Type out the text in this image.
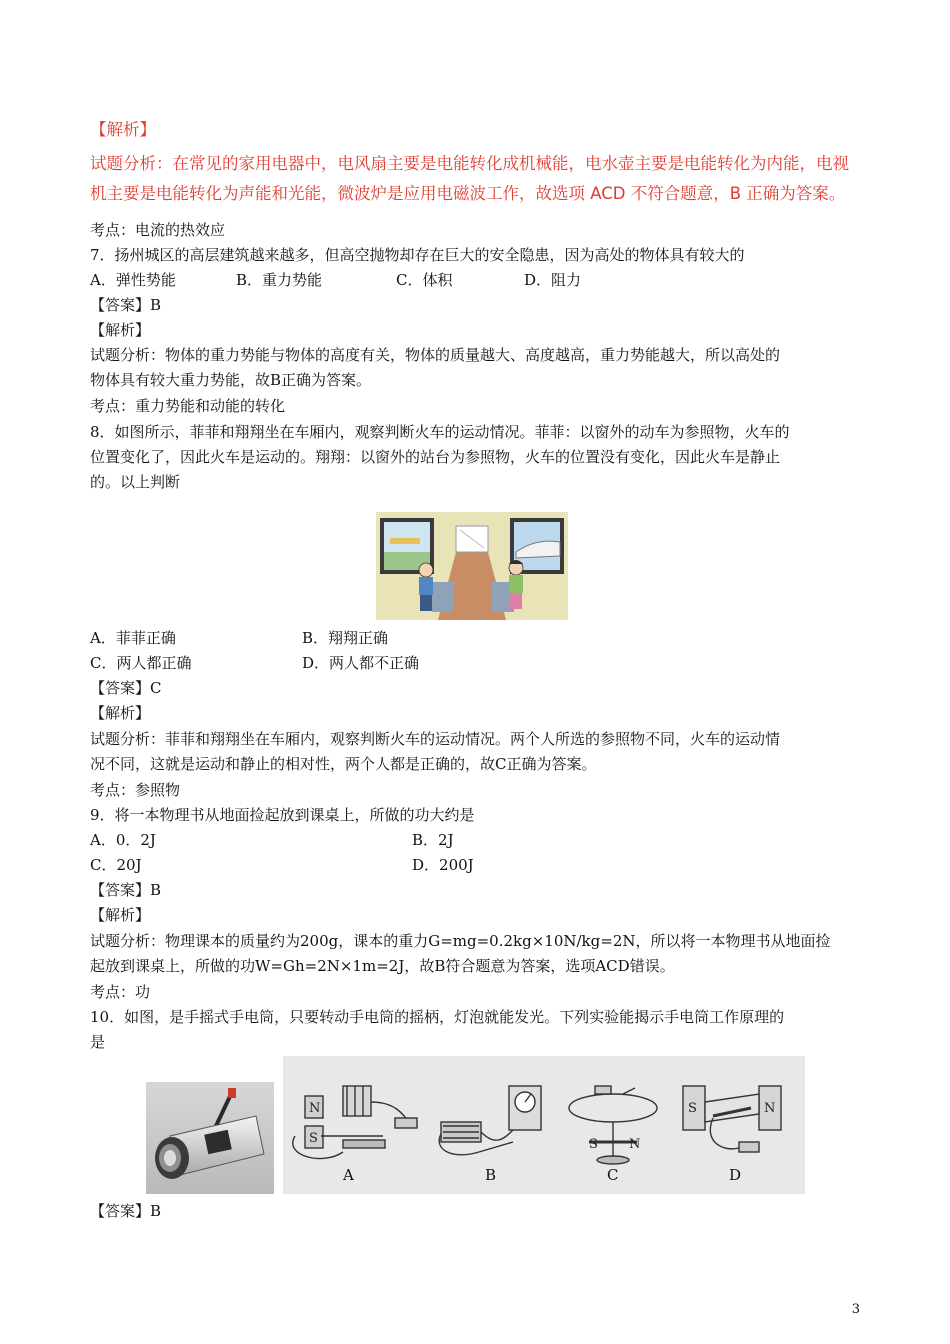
【解析】
试题分析：在常见的家用电器中，电风扇主要是电能转化成机械能，电水壶主要是电能转化为内能，电视
机主要是电能转化为声能和光能，微波炉是应用电磁波工作，故选项 ACD 不符合题意，B 正确为答案。
考点：电流的热效应
7．扬州城区的高层建筑越来越多，但高空抛物却存在巨大的安全隐患，因为高处的物体具有较大的
A．弹性势能	B．重力势能	C．体积	D．阻力
【答案】B
【解析】
试题分析：物体的重力势能与物体的高度有关，物体的质量越大、高度越高，重力势能越大，所以高处的
物体具有较大重力势能，故B正确为答案。
考点：重力势能和动能的转化
8．如图所示，菲菲和翔翔坐在车厢内，观察判断火车的运动情况。菲菲：以窗外的动车为参照物，火车的
位置变化了，因此火车是运动的。翔翔：以窗外的站台为参照物，火车的位置没有变化，因此火车是静止
的。以上判断
A．菲菲正确	B．翔翔正确
C．两人都正确	D．两人都不正确
【答案】C
【解析】
试题分析：菲菲和翔翔坐在车厢内，观察判断火车的运动情况。两个人所选的参照物不同，火车的运动情
况不同，这就是运动和静止的相对性，两个人都是正确的，故C正确为答案。
考点：参照物
9．将一本物理书从地面捡起放到课桌上，所做的功大约是
A．0．2J	B．2J
C．20J	D．200J
【答案】B
【解析】
试题分析：物理课本的质量约为200g，课本的重力G=mg=0.2kg×10N/kg=2N，所以将一本物理书从地面捡
起放到课桌上，所做的功W=Gh=2N×1m=2J，故B符合题意为答案，选项ACD错误。
考点：功
10．如图，是手摇式手电筒，只要转动手电筒的摇柄，灯泡就能发光。下列实验能揭示手电筒工作原理的
是
N
S	S N
S	N
A	B	C	D
【答案】B
3
